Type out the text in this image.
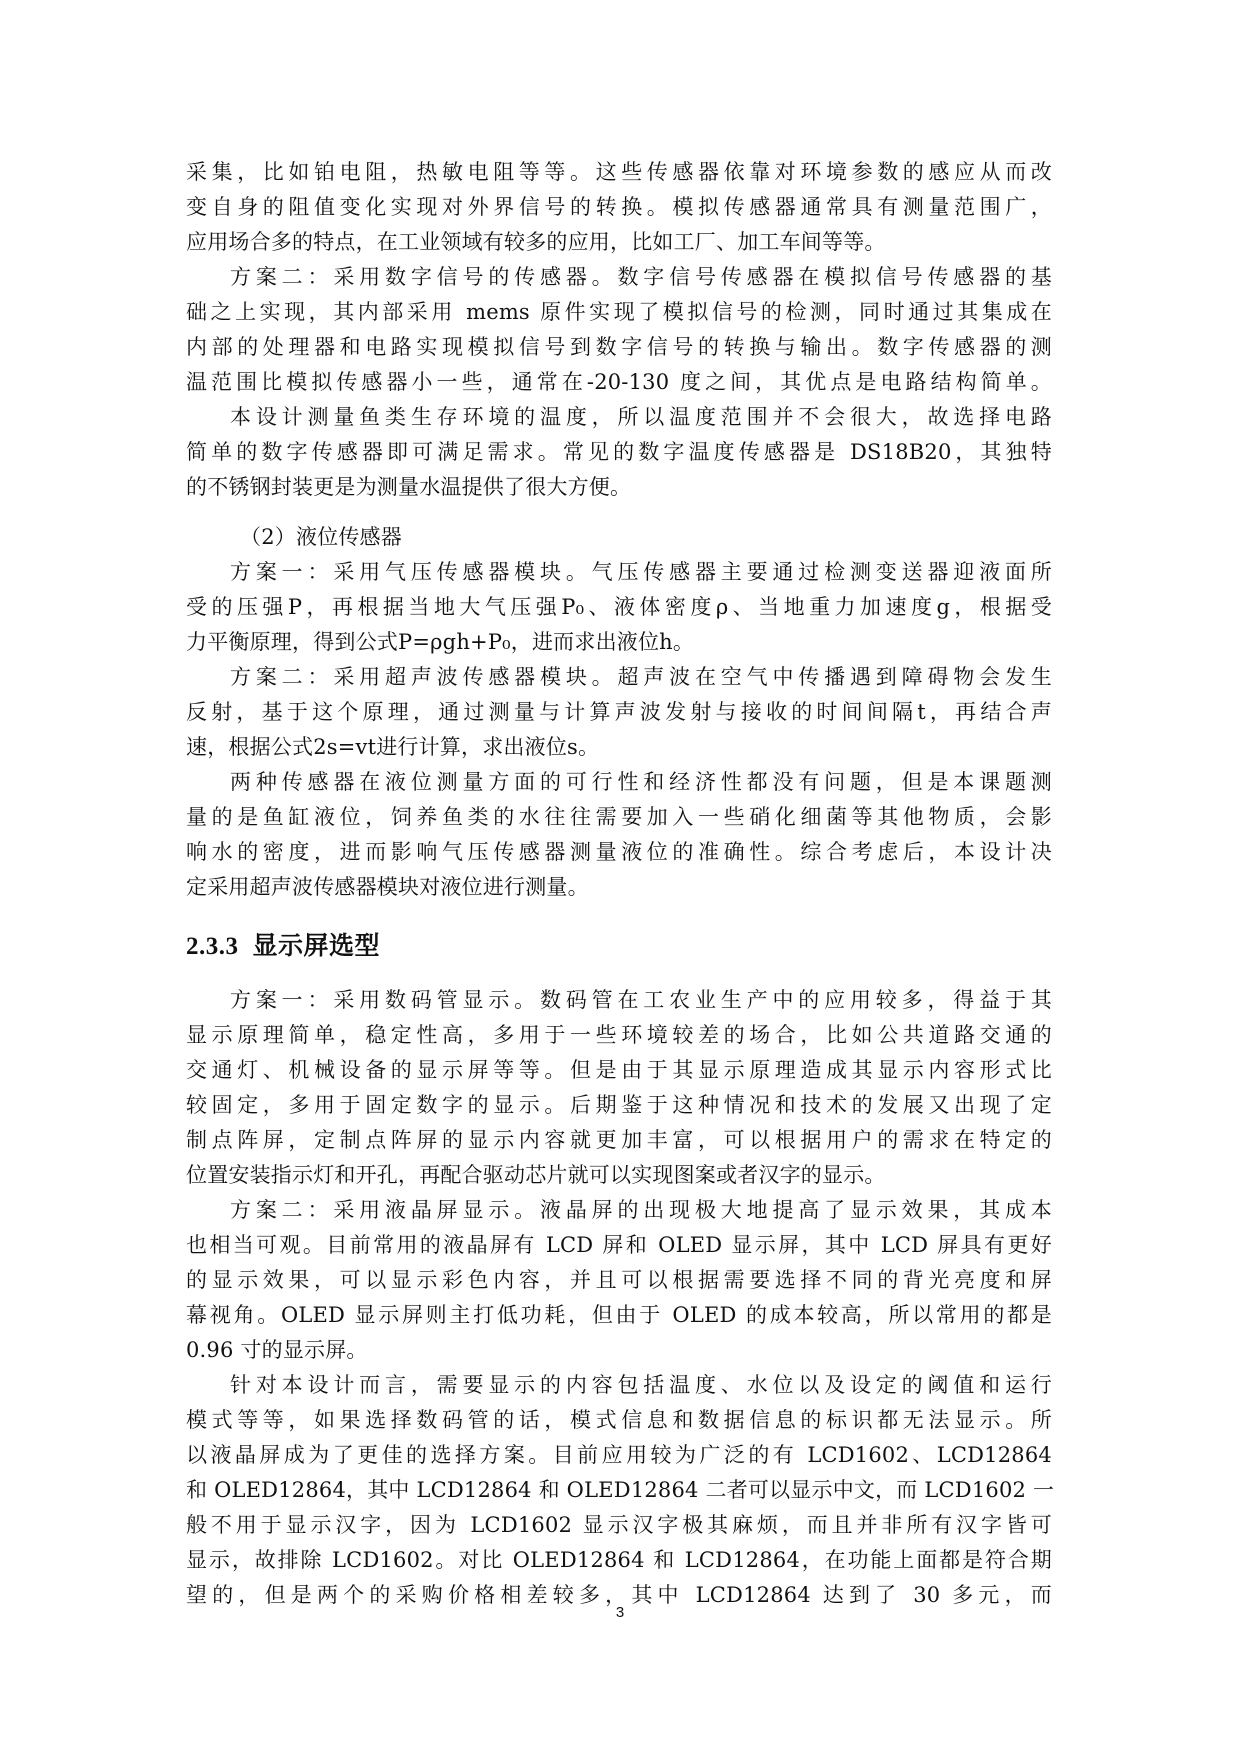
采集，比如铂电阻，热敏电阻等等。这些传感器依靠对环境参数的感应从而改
变自身的阻值变化实现对外界信号的转换。模拟传感器通常具有测量范围广，
应用场合多的特点，在工业领域有较多的应用，比如工厂、加工车间等等。
方案二：采用数字信号的传感器。数字信号传感器在模拟信号传感器的基
础之上实现，其内部采用 mems 原件实现了模拟信号的检测，同时通过其集成在
内部的处理器和电路实现模拟信号到数字信号的转换与输出。数字传感器的测
温范围比模拟传感器小一些，通常在-20-130 度之间，其优点是电路结构简单。
本设计测量鱼类生存环境的温度，所以温度范围并不会很大，故选择电路
简单的数字传感器即可满足需求。常见的数字温度传感器是 DS18B20，其独特
的不锈钢封装更是为测量水温提供了很大方便。
（2）液位传感器
方案一：采用气压传感器模块。气压传感器主要通过检测变送器迎液面所
受的压强P，再根据当地大气压强P₀、液体密度ρ、当地重力加速度g，根据受
力平衡原理，得到公式P=ρgh+P₀，进而求出液位h。
方案二：采用超声波传感器模块。超声波在空气中传播遇到障碍物会发生
反射，基于这个原理，通过测量与计算声波发射与接收的时间间隔t，再结合声
速，根据公式2s=vt进行计算，求出液位s。
两种传感器在液位测量方面的可行性和经济性都没有问题，但是本课题测
量的是鱼缸液位，饲养鱼类的水往往需要加入一些硝化细菌等其他物质，会影
响水的密度，进而影响气压传感器测量液位的准确性。综合考虑后，本设计决
定采用超声波传感器模块对液位进行测量。
2.3.3 显示屏选型
方案一：采用数码管显示。数码管在工农业生产中的应用较多，得益于其
显示原理简单，稳定性高，多用于一些环境较差的场合，比如公共道路交通的
交通灯、机械设备的显示屏等等。但是由于其显示原理造成其显示内容形式比
较固定，多用于固定数字的显示。后期鉴于这种情况和技术的发展又出现了定
制点阵屏，定制点阵屏的显示内容就更加丰富，可以根据用户的需求在特定的
位置安装指示灯和开孔，再配合驱动芯片就可以实现图案或者汉字的显示。
方案二：采用液晶屏显示。液晶屏的出现极大地提高了显示效果，其成本
也相当可观。目前常用的液晶屏有 LCD 屏和 OLED 显示屏，其中 LCD 屏具有更好
的显示效果，可以显示彩色内容，并且可以根据需要选择不同的背光亮度和屏
幕视角。OLED 显示屏则主打低功耗，但由于 OLED 的成本较高，所以常用的都是
0.96 寸的显示屏。
针对本设计而言，需要显示的内容包括温度、水位以及设定的阈值和运行
模式等等，如果选择数码管的话，模式信息和数据信息的标识都无法显示。所
以液晶屏成为了更佳的选择方案。目前应用较为广泛的有 LCD1602、LCD12864
和 OLED12864，其中 LCD12864 和 OLED12864 二者可以显示中文，而 LCD1602 一
般不用于显示汉字，因为 LCD1602 显示汉字极其麻烦，而且并非所有汉字皆可
显示，故排除 LCD1602。对比 OLED12864 和 LCD12864，在功能上面都是符合期
望的，但是两个的采购价格相差较多，其中 LCD12864 达到了 30 多元，而
3
